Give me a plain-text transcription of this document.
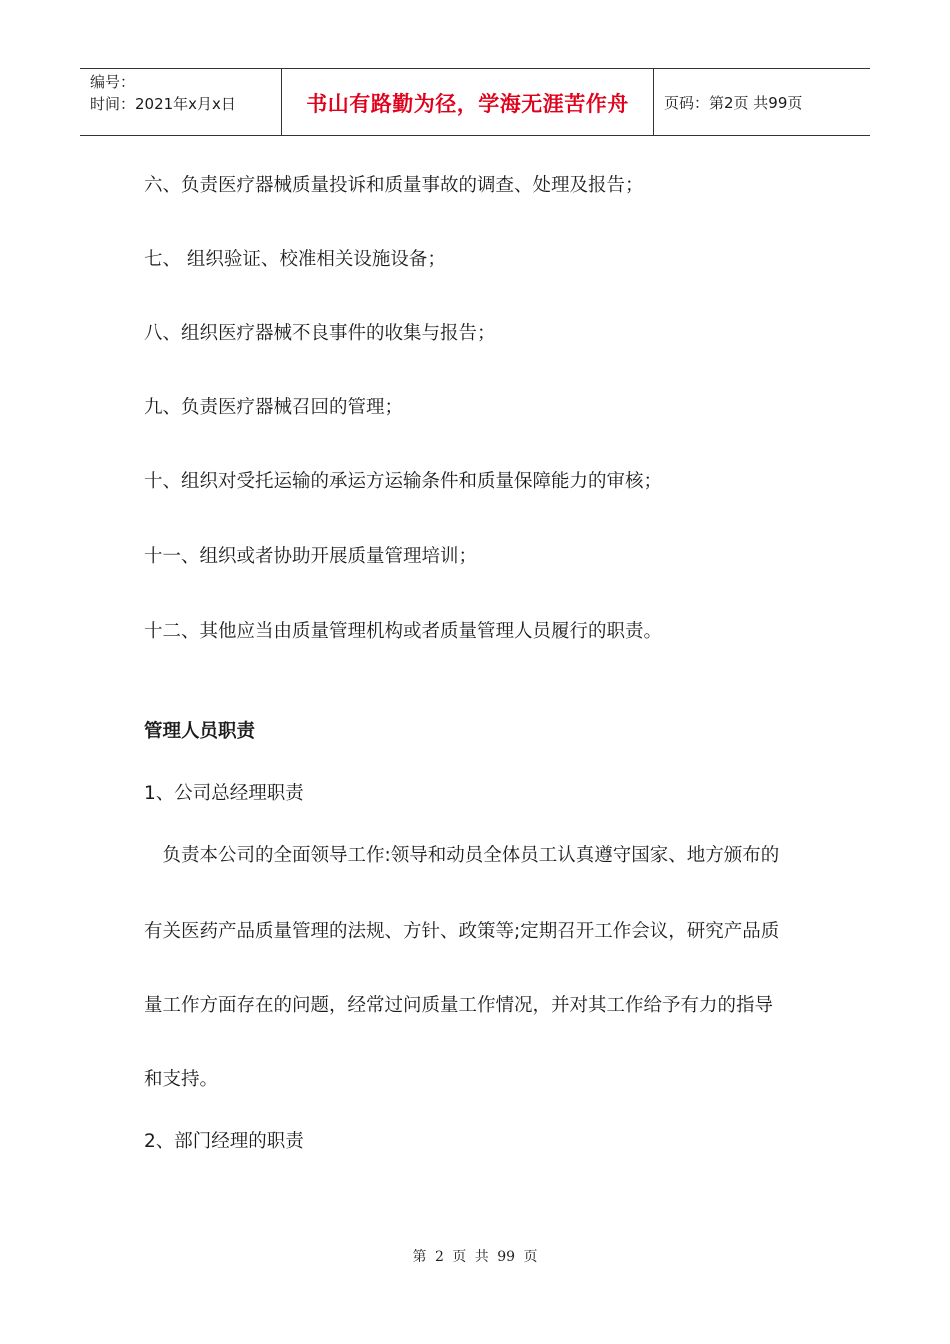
编号：
时间：2021年x月x日	书山有路勤为径，学海无涯苦作舟	页码：第2页 共99页
六、负责医疗器械质量投诉和质量事故的调查、处理及报告；
七、 组织验证、校准相关设施设备；
八、组织医疗器械不良事件的收集与报告；
九、负责医疗器械召回的管理；
十、组织对受托运输的承运方运输条件和质量保障能力的审核；
十一、组织或者协助开展质量管理培训；
十二、其他应当由质量管理机构或者质量管理人员履行的职责。
管理人员职责
1、公司总经理职责
　负责本公司的全面领导工作:领导和动员全体员工认真遵守国家、地方颁布的
有关医药产品质量管理的法规、方针、政策等;定期召开工作会议，研究产品质
量工作方面存在的问题，经常过问质量工作情况，并对其工作给予有力的指导
和支持。
2、部门经理的职责
第 2 页 共 99 页
